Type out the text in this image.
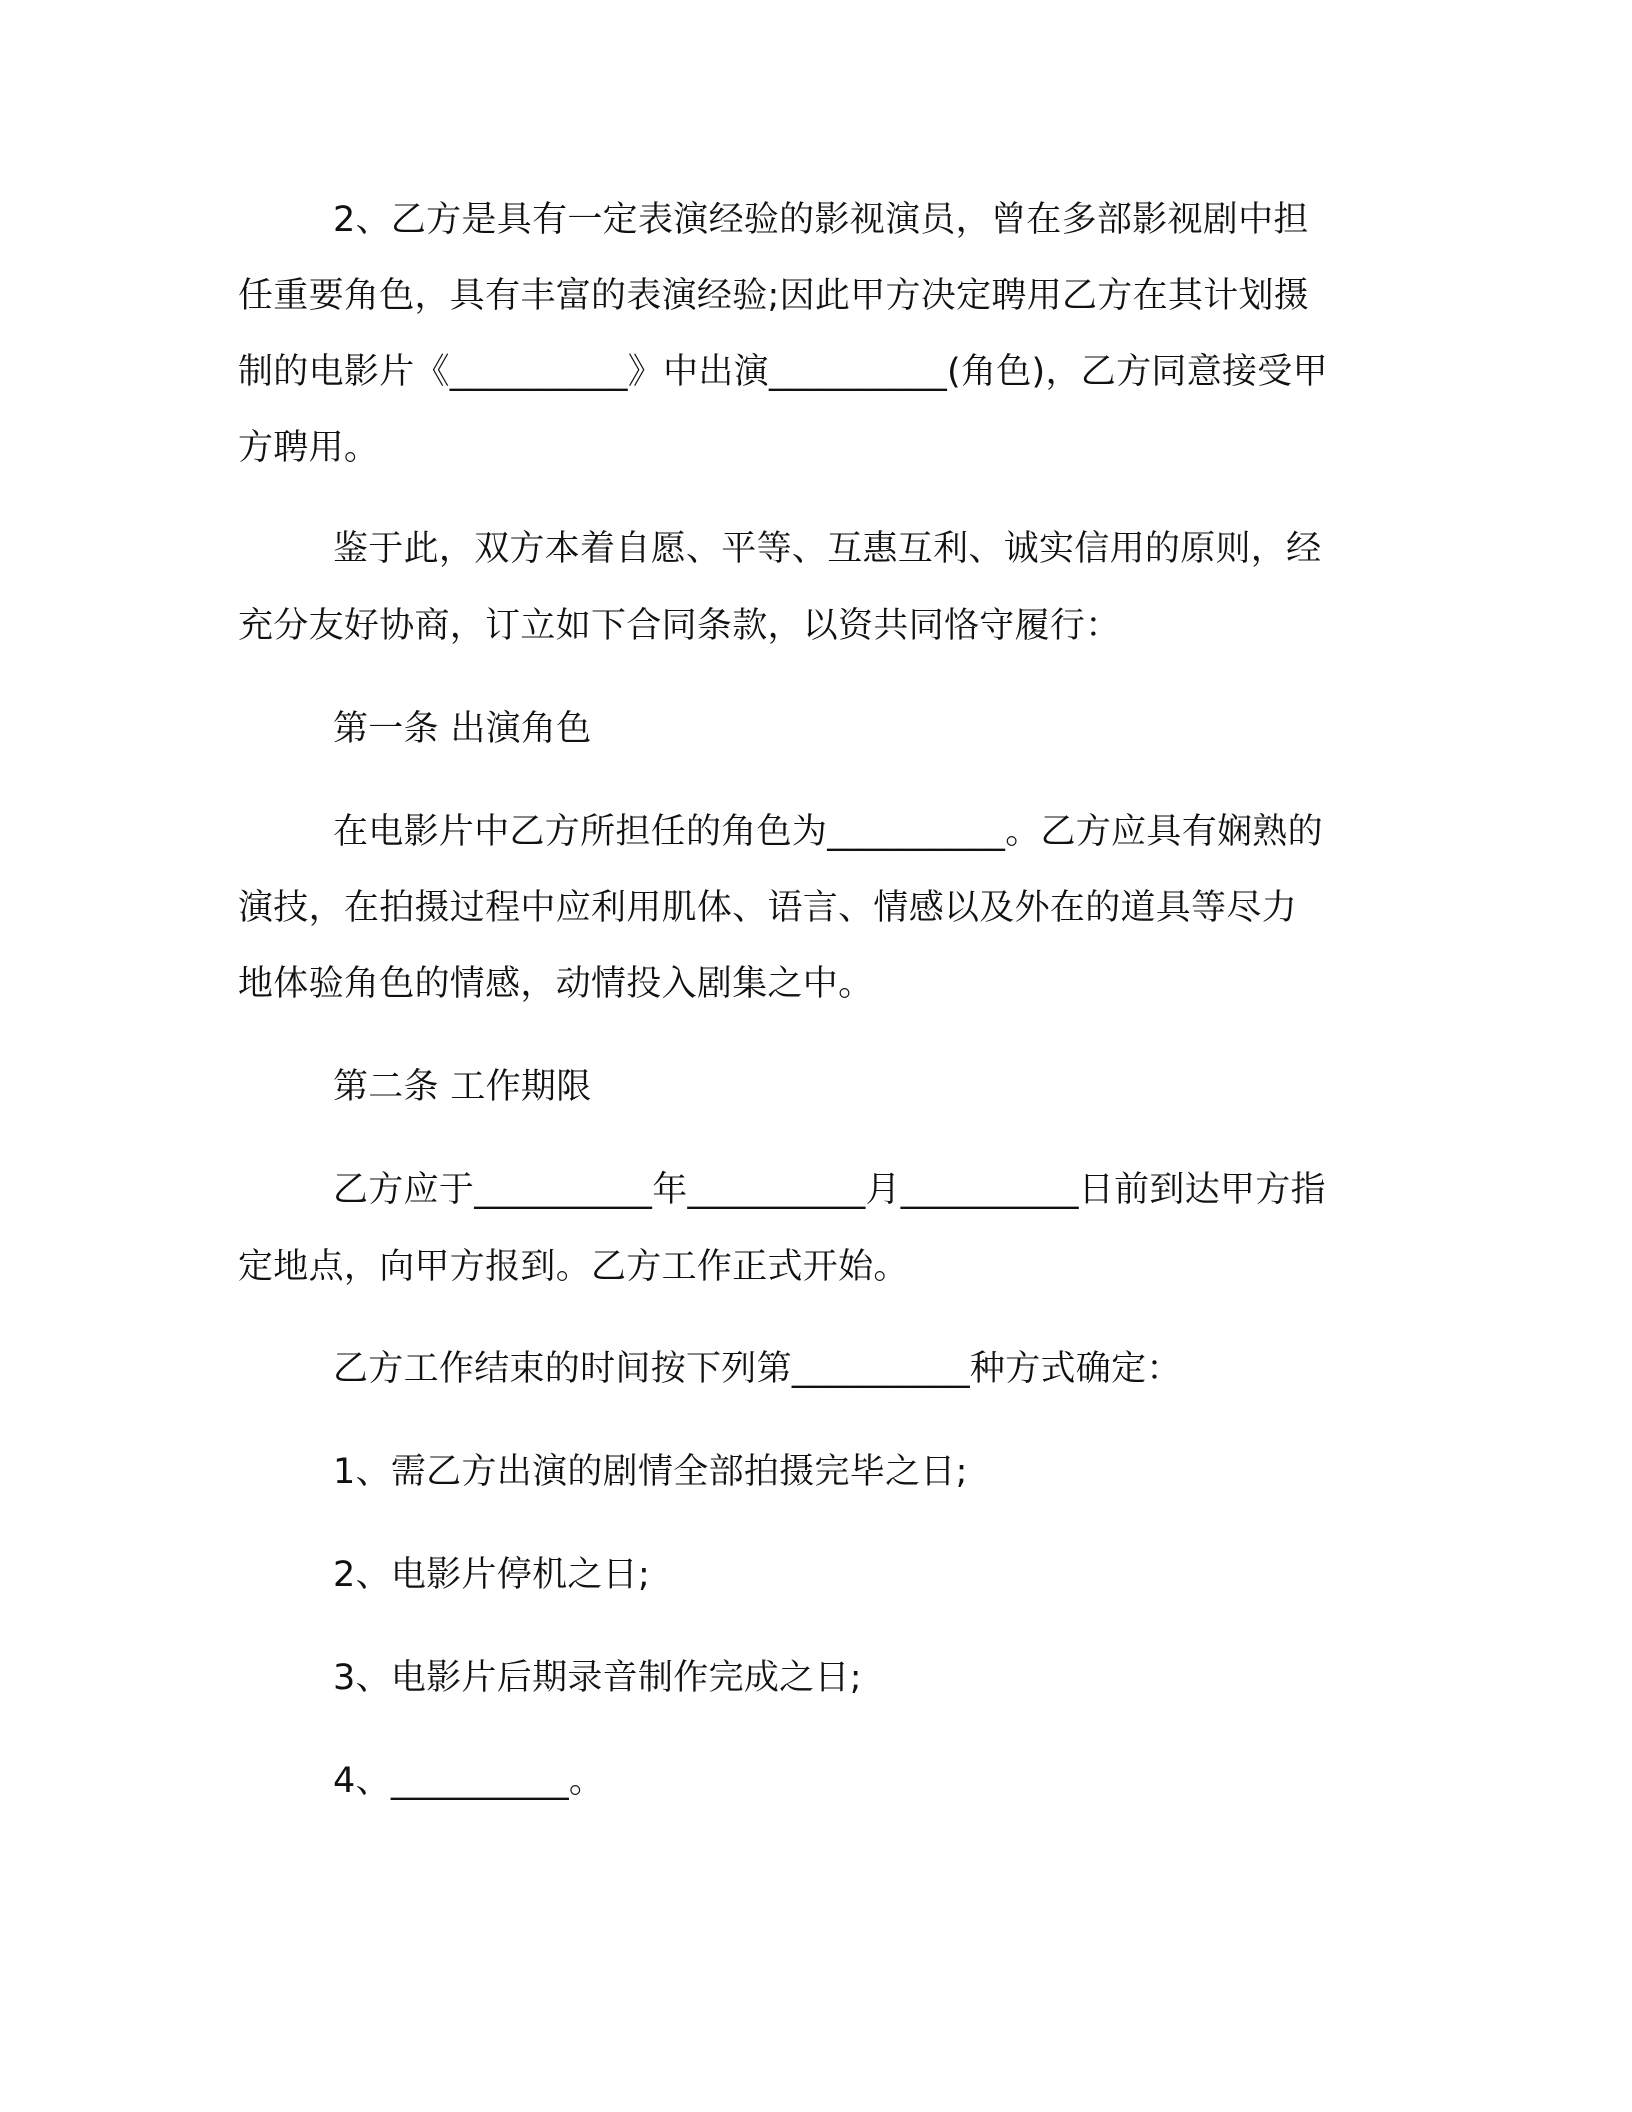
2、乙方是具有一定表演经验的影视演员，曾在多部影视剧中担

任重要角色，具有丰富的表演经验;因此甲方决定聘用乙方在其计划摄

制的电影片《__________》中出演__________(角色)，乙方同意接受甲

方聘用。

鉴于此，双方本着自愿、平等、互惠互利、诚实信用的原则，经

充分友好协商，订立如下合同条款，以资共同恪守履行：

第一条 出演角色

在电影片中乙方所担任的角色为__________。乙方应具有娴熟的

演技，在拍摄过程中应利用肌体、语言、情感以及外在的道具等尽力

地体验角色的情感，动情投入剧集之中。

第二条 工作期限

乙方应于__________年__________月__________日前到达甲方指

定地点，向甲方报到。乙方工作正式开始。

乙方工作结束的时间按下列第__________种方式确定：

1、需乙方出演的剧情全部拍摄完毕之日;

2、电影片停机之日;

3、电影片后期录音制作完成之日;

4、__________。
